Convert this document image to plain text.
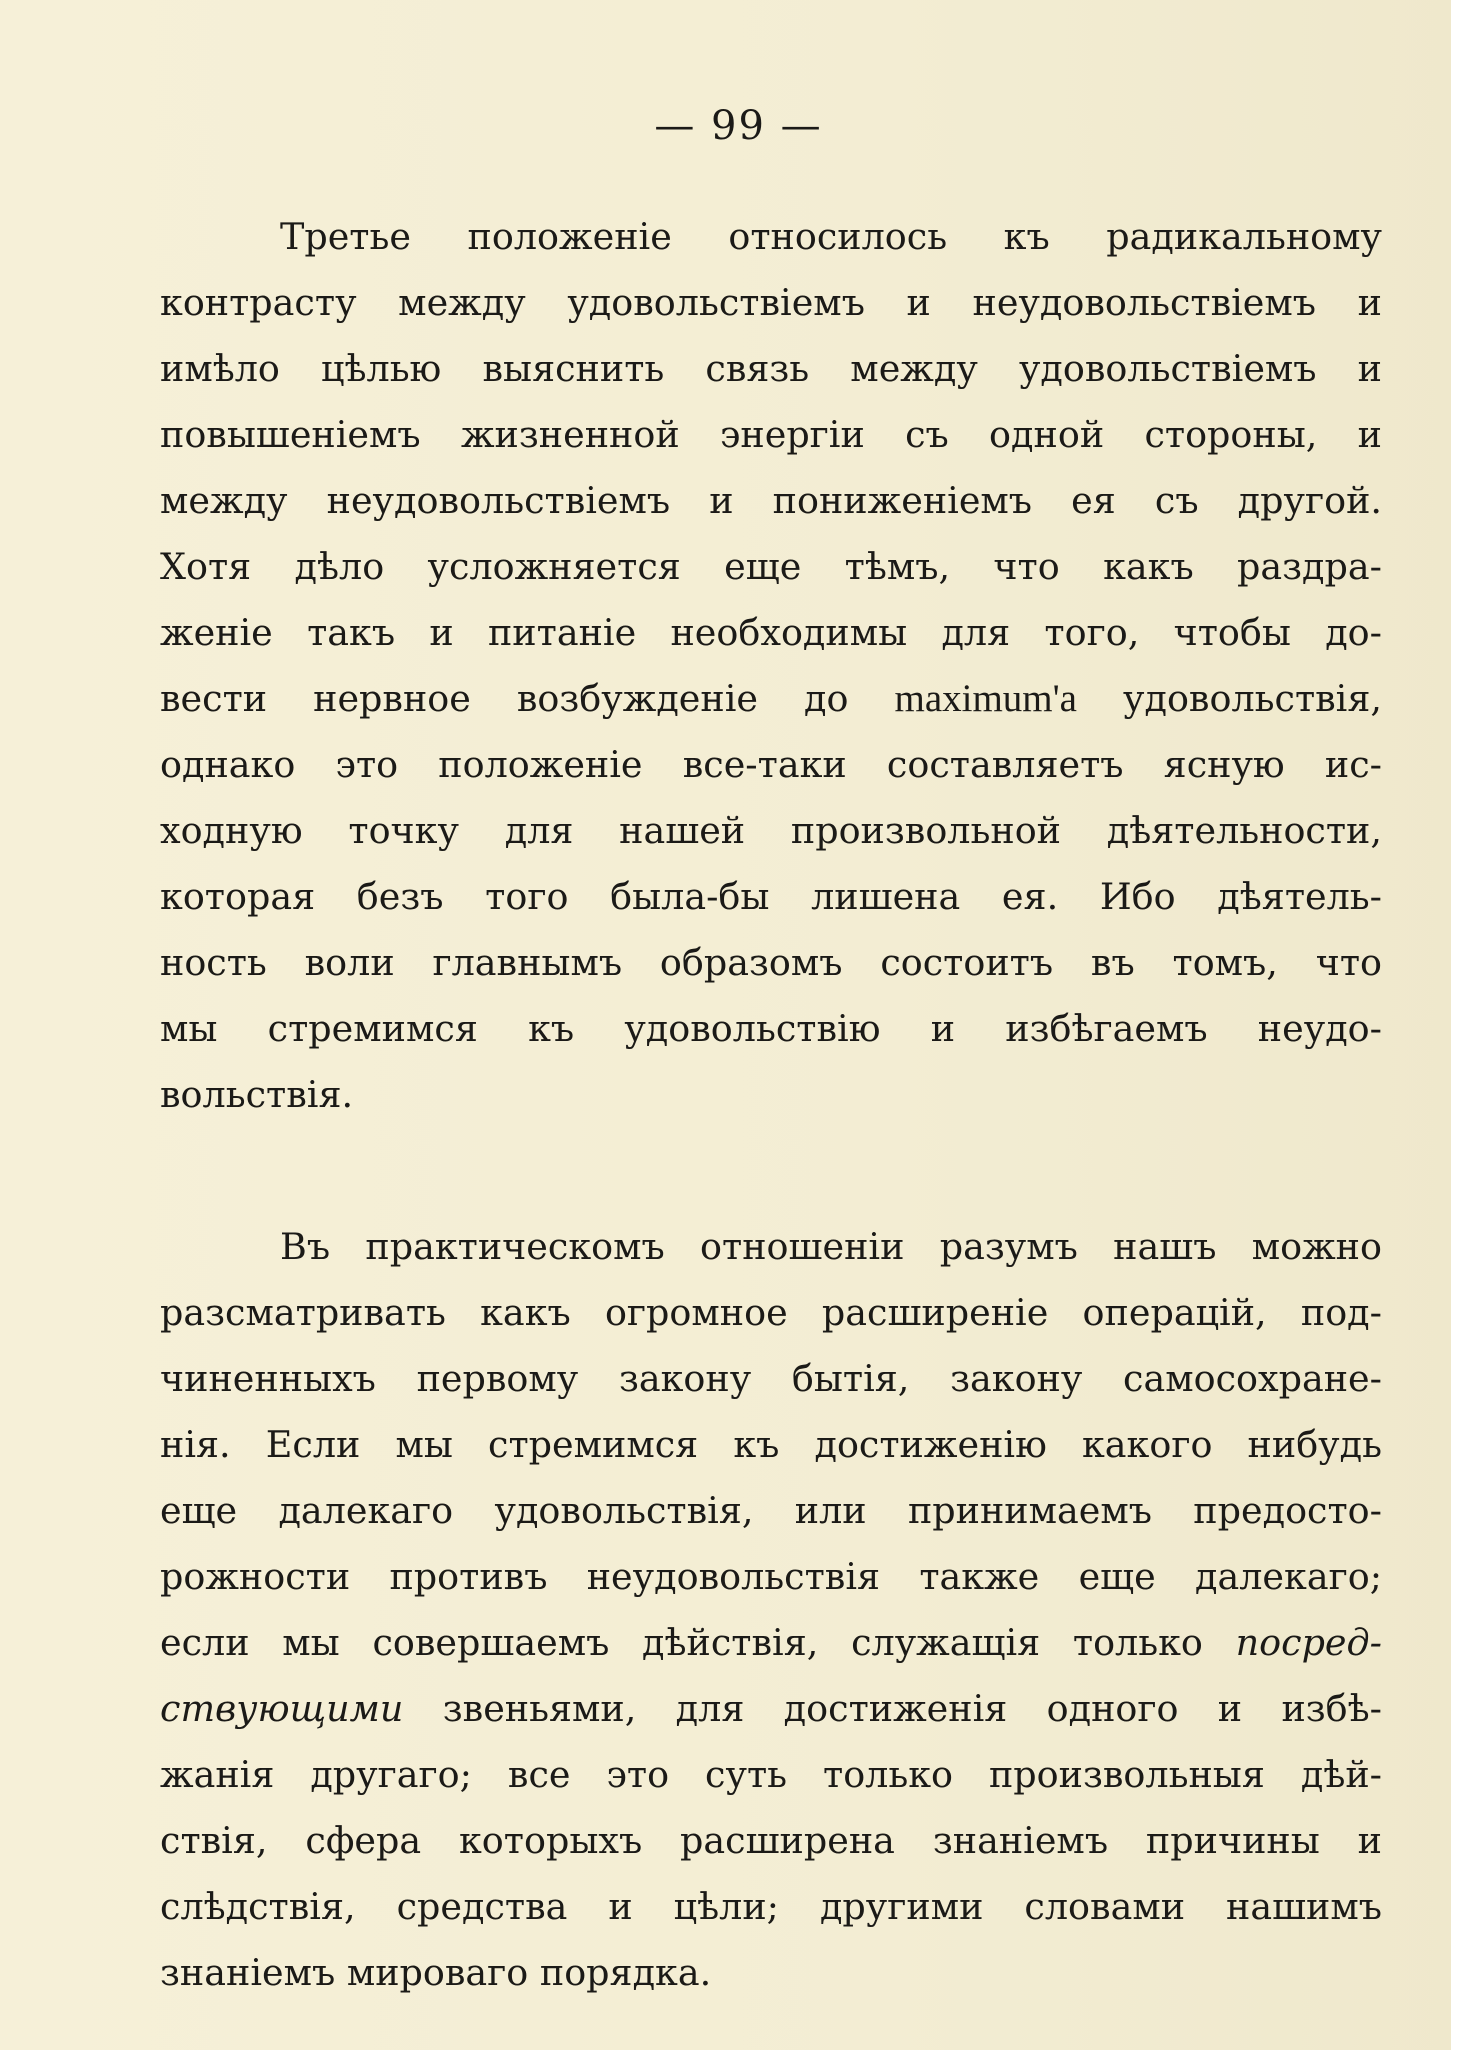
— 99 —
Третье положеніе относилось къ радикальному
контрасту между удовольствіемъ и неудовольствіемъ и
имѣло цѣлью выяснить связь между удовольствіемъ и
повышеніемъ жизненной энергіи съ одной стороны, и
между неудовольствіемъ и пониженіемъ ея съ другой.
Хотя дѣло усложняется еще тѣмъ, что какъ раздра-
женіе такъ и питаніе необходимы для того, чтобы до-
вести нервное возбужденіе до maximum'а удовольствія,
однако это положеніе все-таки составляетъ ясную ис-
ходную точку для нашей произвольной дѣятельности,
которая безъ того была-бы лишена ея. Ибо дѣятель-
ность воли главнымъ образомъ состоитъ въ томъ, что
мы стремимся къ удовольствію и избѣгаемъ неудо-
вольствія.
Въ практическомъ отношеніи разумъ нашъ можно
разсматривать какъ огромное расширеніе операцій, под-
чиненныхъ первому закону бытія, закону самосохране-
нія. Если мы стремимся къ достиженію какого нибудь
еще далекаго удовольствія, или принимаемъ предосто-
рожности противъ неудовольствія также еще далекаго;
если мы совершаемъ дѣйствія, служащія только посред-
ствующими звеньями, для достиженія одного и избѣ-
жанія другаго; все это суть только произвольныя дѣй-
ствія, сфера которыхъ расширена знаніемъ причины и
слѣдствія, средства и цѣли; другими словами нашимъ
знаніемъ мироваго порядка.
